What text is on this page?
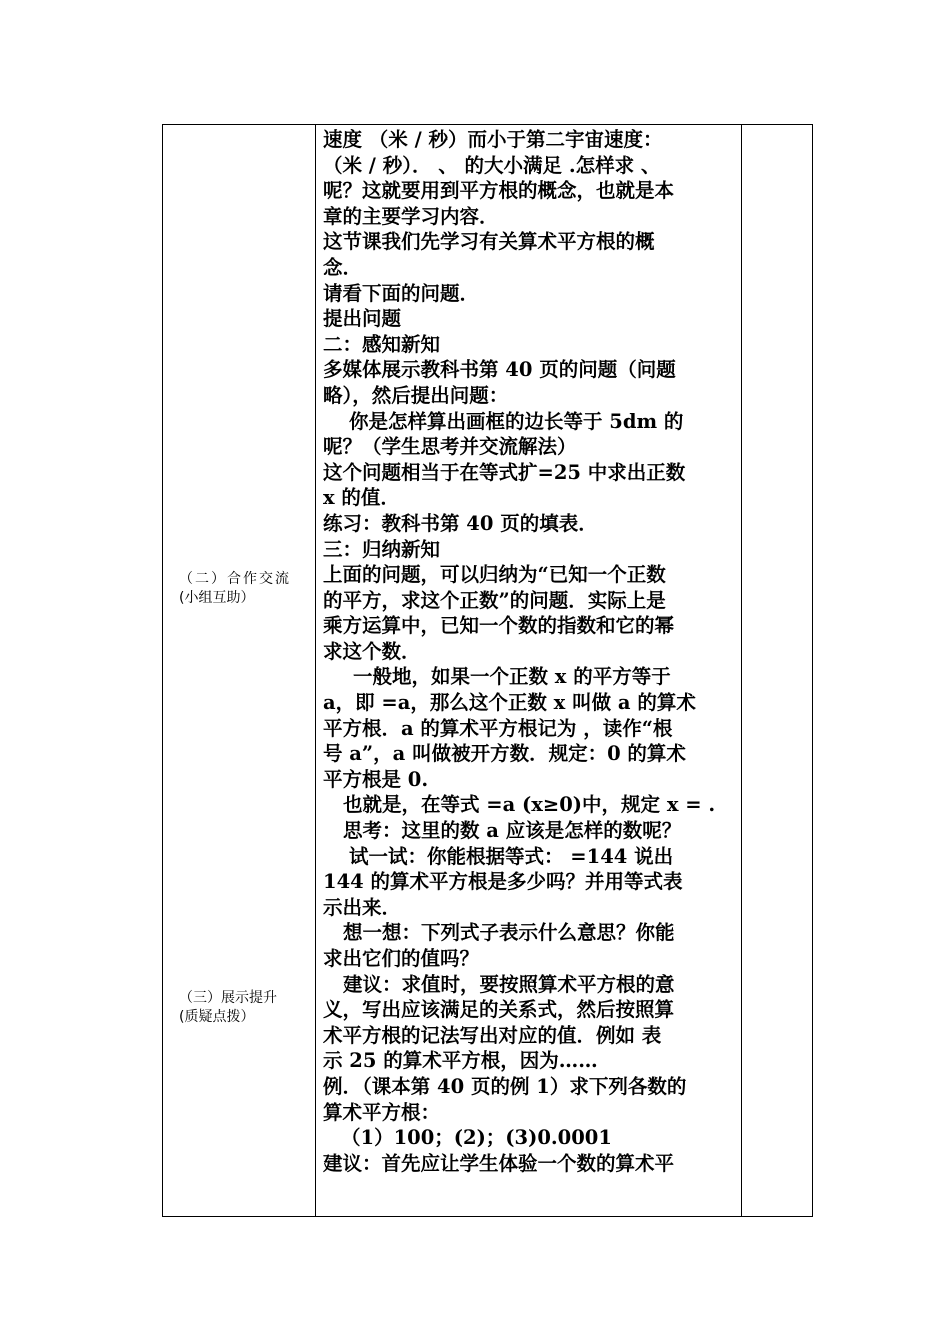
（二）合作交流
(小组互助）
（三）展示提升
(质疑点拨）
速度 （米 / 秒）而小于第二宇宙速度：
（米 / 秒）． 、 的大小满足 .怎样求 、
呢？这就要用到平方根的概念，也就是本
章的主要学习内容．
这节课我们先学习有关算术平方根的概
念．
请看下面的问题．
提出问题
二：感知新知
多媒体展示教科书第 40 页的问题（问题
略），然后提出问题：
你是怎样算出画框的边长等于 5dm 的
呢？（学生思考并交流解法）
这个问题相当于在等式扩=25 中求出正数
x 的值．
练习：教科书第 40 页的填表．
三：归纳新知
上面的问题，可以归纳为“已知一个正数
的平方，求这个正数”的问题．实际上是
乘方运算中，已知一个数的指数和它的幂
求这个数．
一般地，如果一个正数 x 的平方等于
a，即 =a，那么这个正数 x 叫做 a 的算术
平方根．a 的算术平方根记为 ，读作“根
号 a”，a 叫做被开方数．规定：0 的算术
平方根是 0.
也就是，在等式 =a (x≥0)中，规定 x = .
思考：这里的数 a 应该是怎样的数呢？
试一试：你能根据等式： =144 说出
144 的算术平方根是多少吗？并用等式表
示出来．
想一想：下列式子表示什么意思？你能
求出它们的值吗？
建议：求值时，要按照算术平方根的意
义，写出应该满足的关系式，然后按照算
术平方根的记法写出对应的值．例如 表
示 25 的算术平方根，因为……
例．（课本第 40 页的例 1）求下列各数的
算术平方根：
（1）100；(2)；(3)0.0001
建议：首先应让学生体验一个数的算术平
